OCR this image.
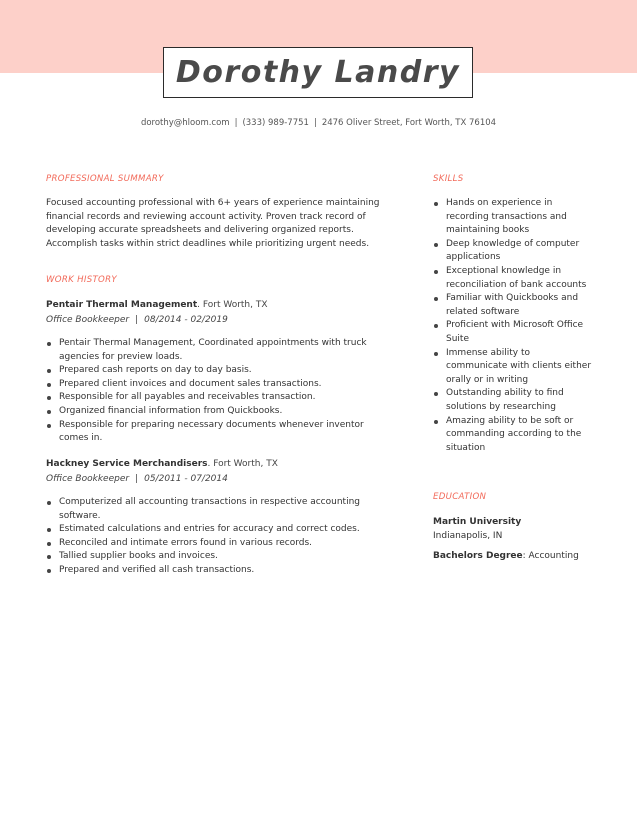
Dorothy Landry
dorothy@hloom.com | (333) 989-7751 | 2476 Oliver Street, Fort Worth, TX 76104
PROFESSIONAL SUMMARY
Focused accounting professional with 6+ years of experience maintaining financial records and reviewing account activity. Proven track record of developing accurate spreadsheets and delivering organized reports. Accomplish tasks within strict deadlines while prioritizing urgent needs.
WORK HISTORY
Pentair Thermal Management. Fort Worth, TX
Office Bookkeeper | 08/2014 - 02/2019
Pentair Thermal Management, Coordinated appointments with truck agencies for preview loads.
Prepared cash reports on day to day basis.
Prepared client invoices and document sales transactions.
Responsible for all payables and receivables transaction.
Organized financial information from Quickbooks.
Responsible for preparing necessary documents whenever inventor comes in.
Hackney Service Merchandisers. Fort Worth, TX
Office Bookkeeper | 05/2011 - 07/2014
Computerized all accounting transactions in respective accounting software.
Estimated calculations and entries for accuracy and correct codes.
Reconciled and intimate errors found in various records.
Tallied supplier books and invoices.
Prepared and verified all cash transactions.
SKILLS
Hands on experience in recording transactions and maintaining books
Deep knowledge of computer applications
Exceptional knowledge in reconciliation of bank accounts
Familiar with Quickbooks and related software
Proficient with Microsoft Office Suite
Immense ability to communicate with clients either orally or in writing
Outstanding ability to find solutions by researching
Amazing ability to be soft or commanding according to the situation
EDUCATION
Martin University
Indianapolis, IN
Bachelors Degree: Accounting
